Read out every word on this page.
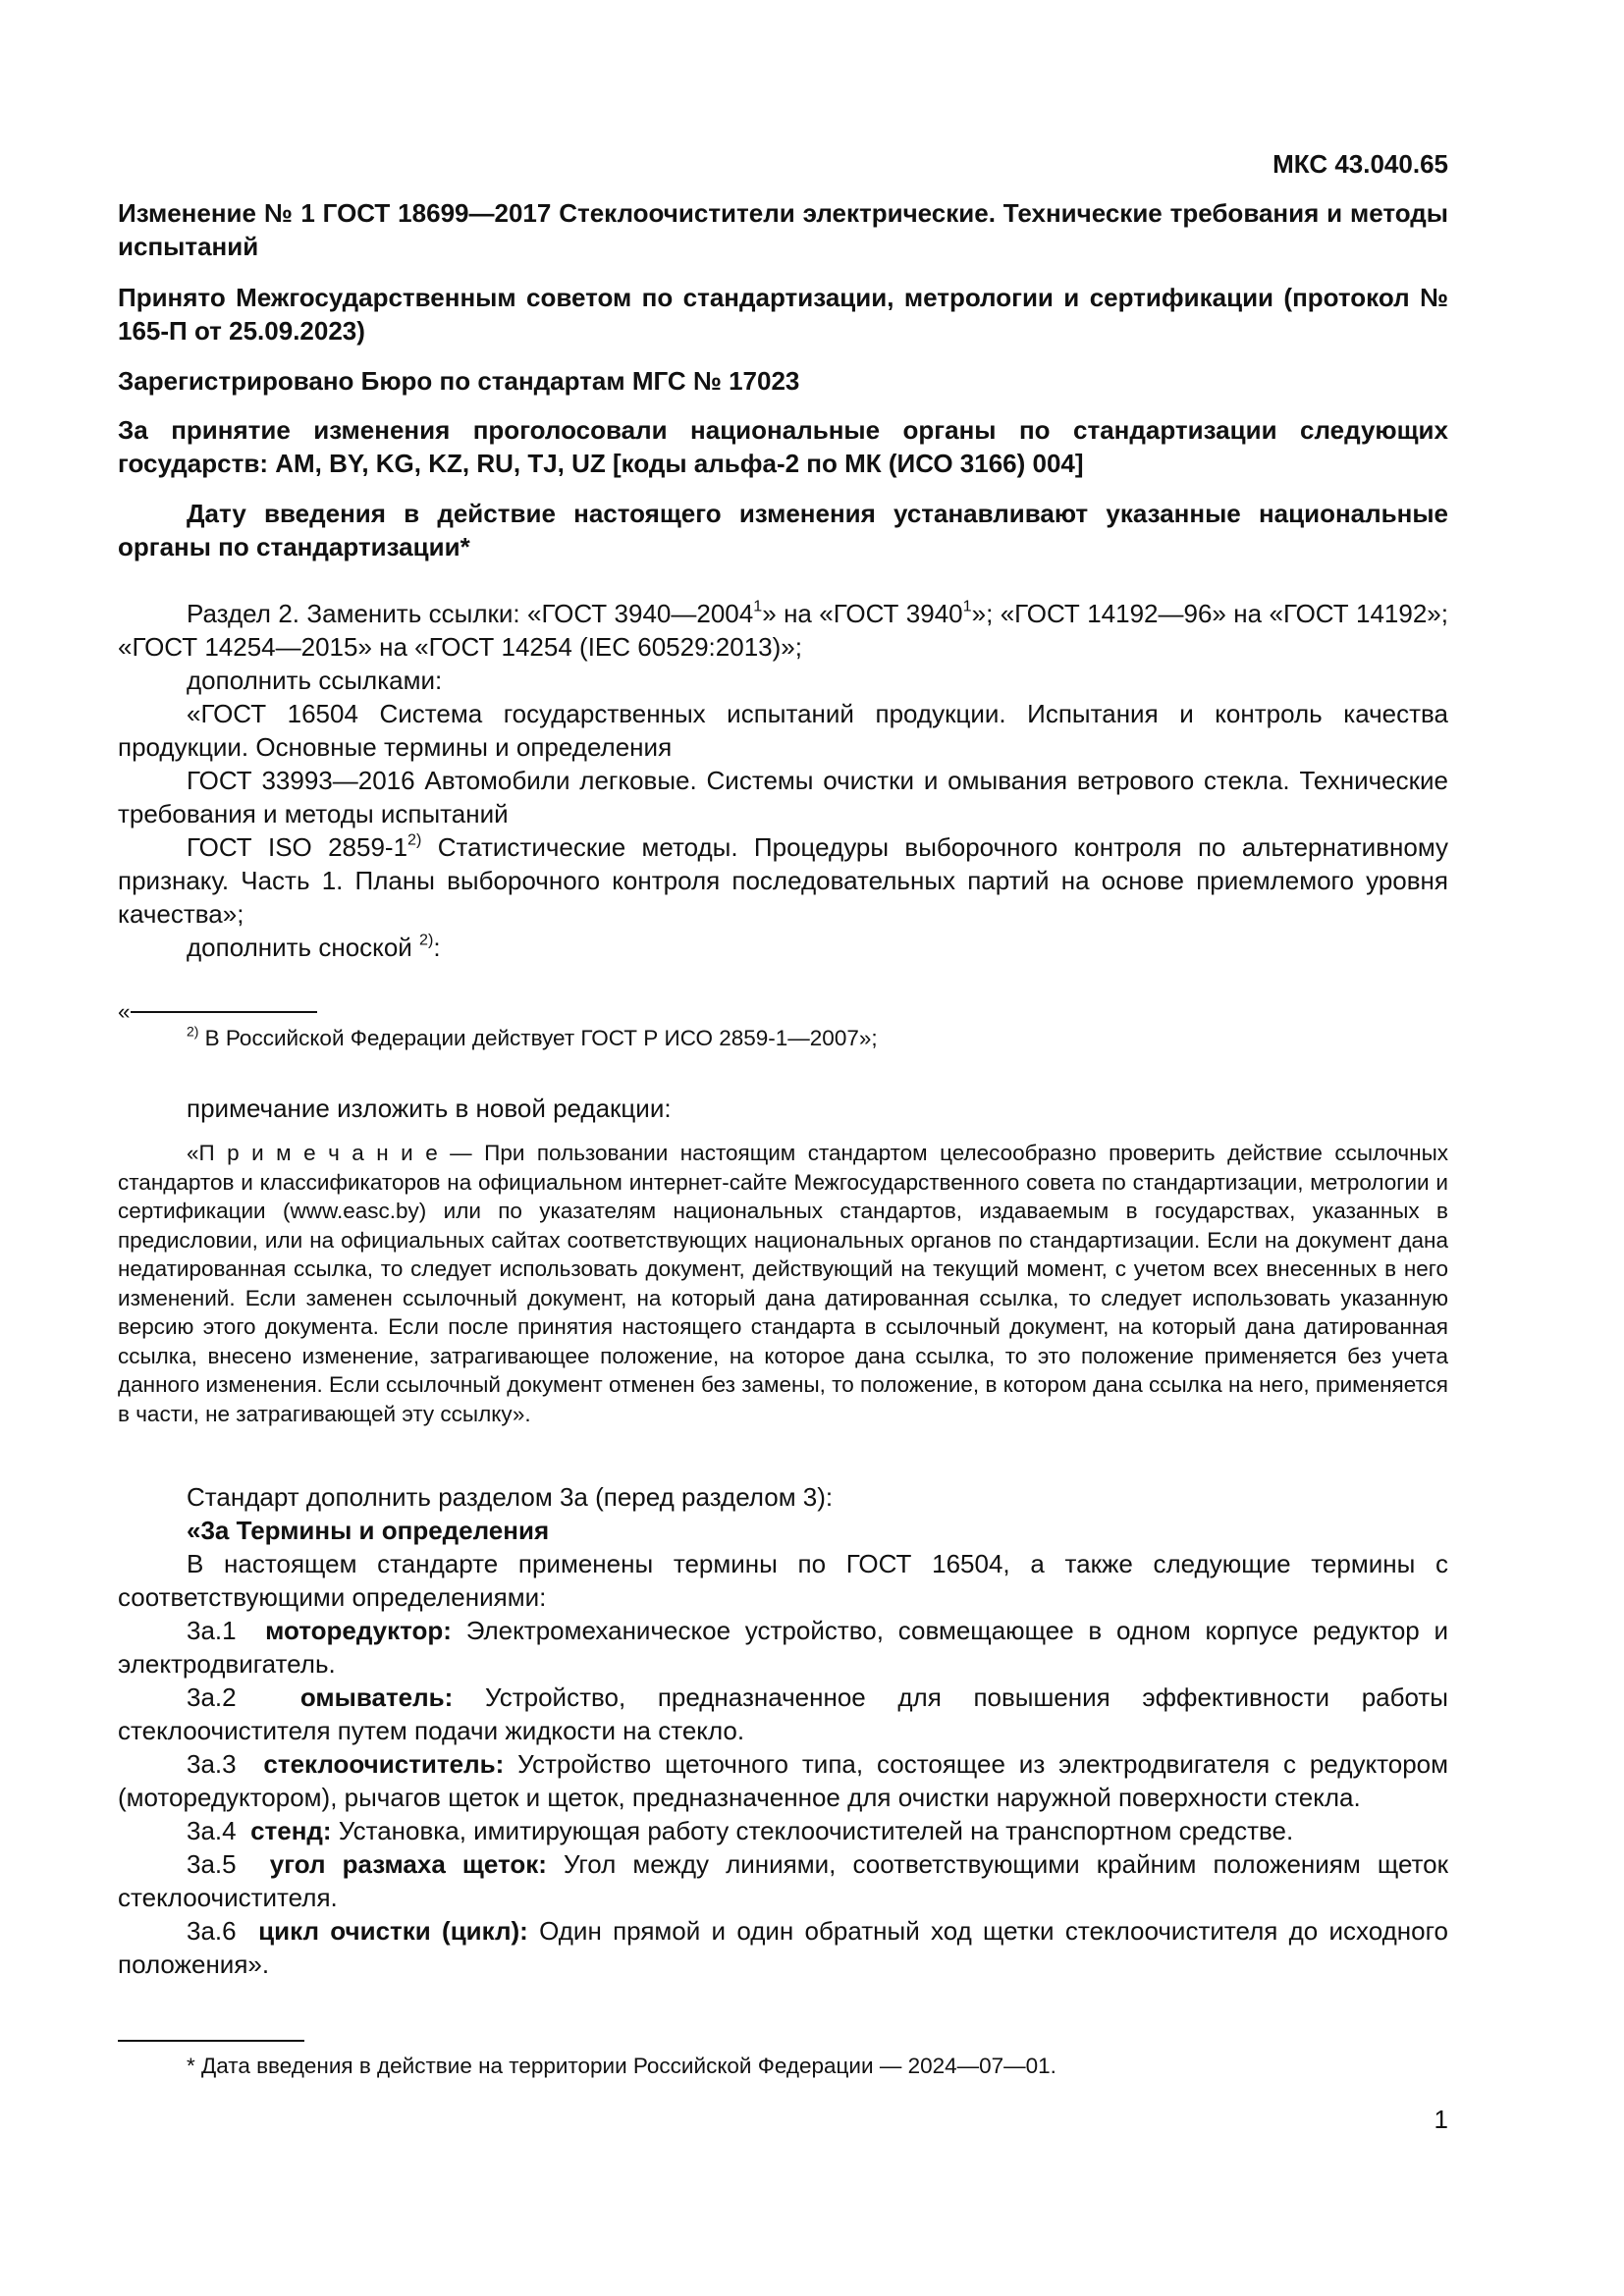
МКС 43.040.65

Изменение № 1 ГОСТ 18699—2017 Стеклоочистители электрические. Технические требования и методы испытаний

Принято Межгосударственным советом по стандартизации, метрологии и сертификации (протокол № 165-П от 25.09.2023)

Зарегистрировано Бюро по стандартам МГС № 17023

За принятие изменения проголосовали национальные органы по стандартизации следующих государств: AM, BY, KG, KZ, RU, TJ, UZ [коды альфа-2 по МК (ИСО 3166) 004]

Дату введения в действие настоящего изменения устанавливают указанные национальные органы по стандартизации*

Раздел 2. Заменить ссылки: «ГОСТ 3940—2004$^1$» на «ГОСТ 3940$^1$»; «ГОСТ 14192—96» на «ГОСТ 14192»; «ГОСТ 14254—2015» на «ГОСТ 14254 (IEC 60529:2013)»;

дополнить ссылками:

«ГОСТ 16504 Система государственных испытаний продукции. Испытания и контроль качества продукции. Основные термины и определения

ГОСТ 33993—2016 Автомобили легковые. Системы очистки и омывания ветрового стекла. Технические требования и методы испытаний

ГОСТ ISO 2859-1$^{2)}$ Статистические методы. Процедуры выборочного контроля по альтернативному признаку. Часть 1. Планы выборочного контроля последовательных партий на основе приемлемого уровня качества»;

дополнить сноской $^{2)}$:

«

$^{2)}$ В Российской Федерации действует ГОСТ Р ИСО 2859-1—2007»;

примечание изложить в новой редакции:

«П р и м е ч а н и е — При пользовании настоящим стандартом целесообразно проверить действие ссылочных стандартов и классификаторов на официальном интернет-сайте Межгосударственного совета по стандартизации, метрологии и сертификации (www.easc.by) или по указателям национальных стандартов, издаваемым в государствах, указанных в предисловии, или на официальных сайтах соответствующих национальных органов по стандартизации. Если на документ дана недатированная ссылка, то следует использовать документ, действующий на текущий момент, с учетом всех внесенных в него изменений. Если заменен ссылочный документ, на который дана датированная ссылка, то следует использовать указанную версию этого документа. Если после принятия настоящего стандарта в ссылочный документ, на который дана датированная ссылка, внесено изменение, затрагивающее положение, на которое дана ссылка, то это положение применяется без учета данного изменения. Если ссылочный документ отменен без замены, то положение, в котором дана ссылка на него, применяется в части, не затрагивающей эту ссылку».

Стандарт дополнить разделом 3а (перед разделом 3):

«3а Термины и определения

В настоящем стандарте применены термины по ГОСТ 16504, а также следующие термины с соответствующими определениями:

3а.1 моторедуктор: Электромеханическое устройство, совмещающее в одном корпусе редуктор и электродвигатель.

3а.2	омыватель: Устройство, предназначенное для повышения эффективности работы стеклоочистителя путем подачи жидкости на стекло.

3а.3 стеклоочиститель: Устройство щеточного типа, состоящее из электродвигателя с редуктором (моторедуктором), рычагов щеток и щеток, предназначенное для очистки наружной поверхности стекла.

3а.4 стенд: Установка, имитирующая работу стеклоочистителей на транспортном средстве.

3а.5 угол размаха щеток: Угол между линиями, соответствующими крайним положениям щеток стеклоочистителя.

3а.6 цикл очистки (цикл): Один прямой и один обратный ход щетки стеклоочистителя до исходного положения».

* Дата введения в действие на территории Российской Федерации — 2024—07—01.

1
